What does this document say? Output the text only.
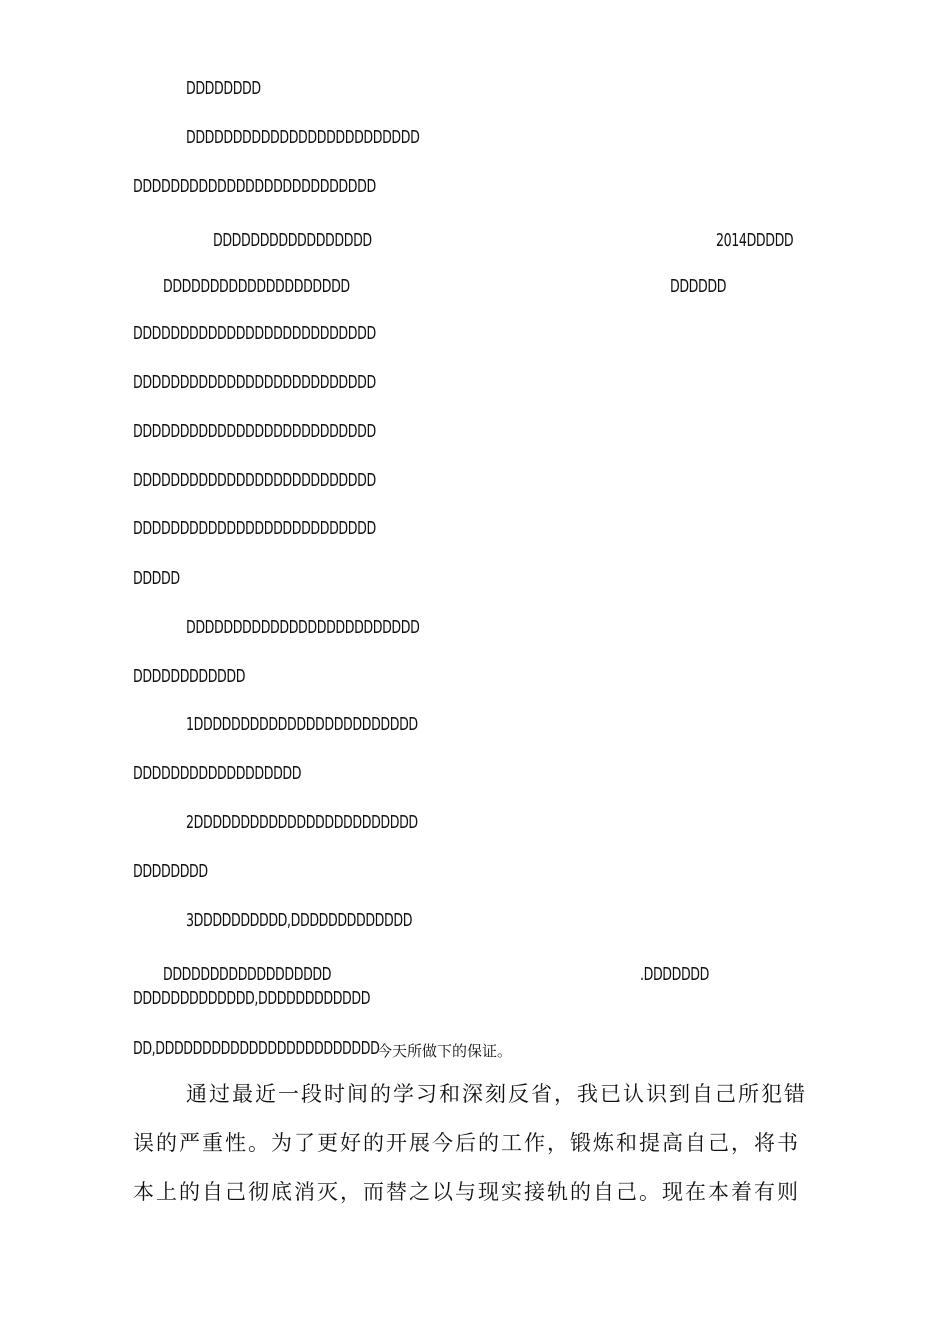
DDDDDDDD
DDDDDDDDDDDDDDDDDDDDDDDDD
DDDDDDDDDDDDDDDDDDDDDDDDDD
DDDDDDDDDDDDDDDDD	2014DDDDD
DDDDDDDDDDDDDDDDDDDD	DDDDDD
DDDDDDDDDDDDDDDDDDDDDDDDDD
DDDDDDDDDDDDDDDDDDDDDDDDDD
DDDDDDDDDDDDDDDDDDDDDDDDDD
DDDDDDDDDDDDDDDDDDDDDDDDDD
DDDDDDDDDDDDDDDDDDDDDDDDDD
DDDDD
DDDDDDDDDDDDDDDDDDDDDDDDD
DDDDDDDDDDDD
1DDDDDDDDDDDDDDDDDDDDDDDD
DDDDDDDDDDDDDDDDDD
2DDDDDDDDDDDDDDDDDDDDDDDD
DDDDDDDD
3DDDDDDDDDD,DDDDDDDDDDDDD
DDDDDDDDDDDDDDDDDD	.DDDDDDD
DDDDDDDDDDDDD,DDDDDDDDDDDD
DD,DDDDDDDDDDDDDDDDDDDDDDDD
今天所做下的保证。
通过最近一段时间的学习和深刻反省，我已认识到自己所犯错
误的严重性。为了更好的开展今后的工作，锻炼和提高自己，将书
本上的自己彻底消灭，而替之以与现实接轨的自己。现在本着有则
